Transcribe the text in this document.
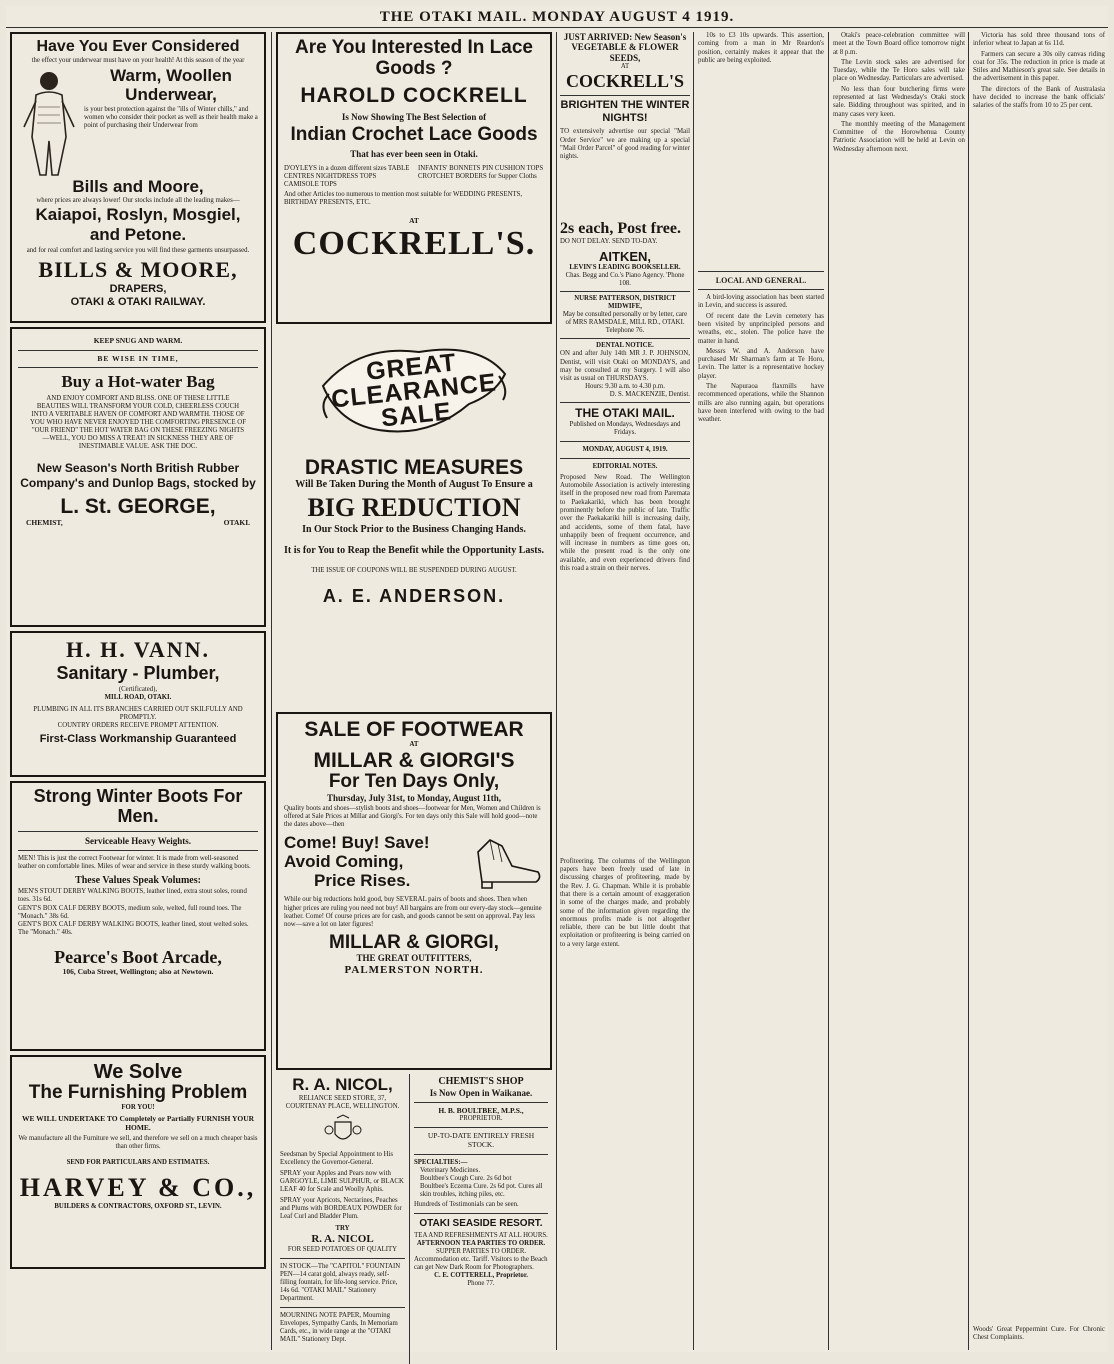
THE OTAKI MAIL. MONDAY AUGUST 4 1919.
Have You Ever Considered
the effect your underwear must have on your health! At this season of the year
Warm, Woollen Underwear,
is your best protection against the "ills of Winter chills," and women who consider their pocket as well as their health make a point of purchasing their Underwear from
Bills and Moore,
where prices are always lower! Our stocks include all the leading makes—
Kaiapoi, Roslyn, Mosgiel,
and Petone.
and for real comfort and lasting service you will find these garments unsurpassed.
BILLS & MOORE,
DRAPERS,
OTAKI & OTAKI RAILWAY.
KEEP SNUG AND WARM.
BE WISE IN TIME,
Buy a Hot-water Bag
AND ENJOY COMFORT AND BLISS. ONE OF THESE LITTLE BEAUTIES WILL TRANSFORM YOUR COLD, CHEERLESS COUCH INTO A VERITABLE HAVEN OF COMFORT AND WARMTH. THOSE OF YOU WHO HAVE NEVER ENJOYED THE COMFORTING PRESENCE OF "OUR FRIEND" THE HOT WATER BAG ON THESE FREEZING NIGHTS—WELL, YOU DO MISS A TREAT! IN SICKNESS THEY ARE OF INESTIMABLE VALUE. ASK THE DOC.
New Season's North British Rubber Company's and Dunlop Bags, stocked by
L. St. GEORGE,
CHEMIST,	OTAKI.
H. H. VANN.
Sanitary - Plumber,
(Certificated),
MILL ROAD, OTAKI.
PLUMBING IN ALL ITS BRANCHES CARRIED OUT SKILFULLY AND PROMPTLY.
COUNTRY ORDERS RECEIVE PROMPT ATTENTION.
First-Class Workmanship Guaranteed
Strong Winter Boots For Men.
Serviceable Heavy Weights.
MEN! This is just the correct Footwear for winter. It is made from well-seasoned leather on comfortable lines. Miles of wear and service in these sturdy walking boots.
These Values Speak Volumes:
MEN'S STOUT DERBY WALKING BOOTS, leather lined, extra stout soles, round toes. 31s 6d.
GENT'S BOX CALF DERBY BOOTS, medium sole, welted, full round toes. The "Monach." 38s 6d.
GENT'S BOX CALF DERBY WALKING BOOTS, leather lined, stout welted soles. The "Monach." 40s.
Pearce's Boot Arcade,
106, Cuba Street, Wellington; also at Newtown.
We Solve
The Furnishing Problem
FOR YOU!
WE WILL UNDERTAKE TO Completely or Partially FURNISH YOUR HOME.
We manufacture all the Furniture we sell, and therefore we sell on a much cheaper basis than other firms.
SEND FOR PARTICULARS AND ESTIMATES.
HARVEY & CO.,
BUILDERS & CONTRACTORS, OXFORD ST., LEVIN.
Are You Interested In Lace Goods ?
HAROLD COCKRELL
Is Now Showing The Best Selection of
Indian Crochet Lace Goods
That has ever been seen in Otaki.
D'OYLEYS in a dozen different sizes TABLE CENTRES NIGHTDRESS TOPS CAMISOLE TOPS
INFANTS' BONNETS PIN CUSHION TOPS CROTCHET BORDERS for Supper Cloths
And other Articles too numerous to mention most suitable for WEDDING PRESENTS, BIRTHDAY PRESENTS, ETC.
AT
COCKRELL'S.
GREAT CLEARANCE SALE
DRASTIC MEASURES
Will Be Taken During the Month of August To Ensure a
BIG REDUCTION
In Our Stock Prior to the Business Changing Hands.
It is for You to Reap the Benefit while the Opportunity Lasts.
THE ISSUE OF COUPONS WILL BE SUSPENDED DURING AUGUST.
A. E. ANDERSON.
SALE OF FOOTWEAR
AT
MILLAR & GIORGI'S
For Ten Days Only,
Thursday, July 31st, to Monday, August 11th,
Quality boots and shoes—stylish boots and shoes—footwear for Men, Women and Children is offered at Sale Prices at Millar and Giorgi's. For ten days only this Sale will hold good—note the dates above—then
Come! Buy! Save!
Avoid Coming,
Price Rises.
While our big reductions hold good, buy SEVERAL pairs of boots and shoes. Then when higher prices are ruling you need not buy! All bargains are from our every-day stock—genuine leather. Come! Of course prices are for cash, and goods cannot be sent on approval. Pay less now—save a lot on later figures!
MILLAR & GIORGI,
THE GREAT OUTFITTERS,
PALMERSTON NORTH.
R. A. NICOL,
RELIANCE SEED STORE, 37, COURTENAY PLACE, WELLINGTON.
Seedsman by Special Appointment to His Excellency the Governor-General.
SPRAY your Apples and Pears now with GARGOYLE, LIME SULPHUR, or BLACK LEAF 40 for Scale and Woolly Aphis.
SPRAY your Apricots, Nectarines, Peaches and Plums with BORDEAUX POWDER for Leaf Curl and Bladder Plum.
TRY
R. A. NICOL
FOR SEED POTATOES OF QUALITY
IN STOCK—The "CAPITOL" FOUNTAIN PEN—14 carat gold, always ready, self-filling fountain, for life-long service. Price, 14s 6d. "OTAKI MAIL" Stationery Department.
MOURNING NOTE PAPER, Mourning Envelopes, Sympathy Cards, In Memoriam Cards, etc., in wide range at the "OTAKI MAIL" Stationery Dept.
CHEMIST'S SHOP
Is Now Open in Waikanae.
H. B. BOULTBEE, M.P.S.,
PROPRIETOR.
UP-TO-DATE ENTIRELY FRESH STOCK.
SPECIALTIES:—
Veterinary Medicines.
Boultbee's Cough Cure. 2s 6d bot
Boultbee's Eczema Cure. 2s 6d pot. Cures all skin troubles, itching piles, etc.
Hundreds of Testimonials can be seen.
OTAKI SEASIDE RESORT.
TEA AND REFRESHMENTS AT ALL HOURS.
AFTERNOON TEA PARTIES TO ORDER.
SUPPER PARTIES TO ORDER.
Accommodation etc. Tariff. Visitors to the Beach can get New Dark Room for Photographers.
C. E. COTTERELL, Proprietor.
Phone 77.
JUST ARRIVED: New Season's VEGETABLE & FLOWER SEEDS,
AT
COCKRELL'S
BRIGHTEN THE WINTER NIGHTS!
TO extensively advertise our special "Mail Order Service" we are making up a special "Mail Order Parcel" of good reading for winter nights.

2s each, Post free.
DO NOT DELAY. SEND TO-DAY.
AITKEN,
LEVIN'S LEADING BOOKSELLER.
Chas. Begg and Co.'s Piano Agency. 'Phone 108.
NURSE PATTERSON, DISTRICT MIDWIFE,
May be consulted personally or by letter, care of MRS RAMSDALE, MILL RD., OTAKI. Telephone 76.
DENTAL NOTICE.
ON and after July 14th MR J. P. JOHNSON, Dentist, will visit Otaki on MONDAYS, and may be consulted at my Surgery. I will also visit as usual on THURSDAYS.
Hours: 9.30 a.m. to 4.30 p.m.
D. S. MACKENZIE, Dentist.
THE OTAKI MAIL.
Published on Mondays, Wednesdays and Fridays.
MONDAY, AUGUST 4, 1919.
EDITORIAL NOTES.
Proposed New Road. The Wellington Automobile Association is actively interesting itself in the proposed new road from Paremata to Paekakariki, which has been brought prominently before the public of late. Traffic over the Paekakariki hill is increasing daily, and accidents, some of them fatal, have unhappily been of frequent occurrence, and will increase in numbers as time goes on, while the present road is the only one available, and even experienced drivers find this road a strain on their nerves.
Profiteering. The columns of the Wellington papers have been freely used of late in discussing charges of profiteering, made by the Rev. J. G. Chapman. While it is probable that there is a certain amount of exaggeration in some of the charges made, and probably some of the information given regarding the enormous profits made is not altogether reliable, there can be but little doubt that exploitation or profiteering is being carried on to a very large extent.

10s to £3 10s upwards. This assertion, coming from a man in Mr Reardon's position, certainly makes it appear that the public are being exploited.

LOCAL AND GENERAL.

A bird-loving association has been started in Levin, and success is assured.

Of recent date the Levin cemetery has been visited by unprincipled persons and wreaths, etc., stolen. The police have the matter in hand.

Messrs W. and A. Anderson have purchased Mr Sharman's farm at Te Horo, Levin. The latter is a representative hockey player.

The Napuraoa flaxmills have recommenced operations, while the Shannon mills are also running again, but operations have been interfered with owing to the bad weather.

Otaki's peace-celebration committee will meet at the Town Board office tomorrow night at 8 p.m.

The Levin stock sales are advertised for Tuesday, while the Te Horo sales will take place on Wednesday. Particulars are advertised.

No less than four butchering firms were represented at last Wednesday's Otaki stock sale. Bidding throughout was spirited, and in many cases very keen.

The monthly meeting of the Management Committee of the Horowhenua County Patriotic Association will be held at Levin on Wednesday afternoon next.

Victoria has sold three thousand tons of inferior wheat to Japan at 6s 11d.

Farmers can secure a 30s oily canvas riding coat for 35s. The reduction in price is made at Stiles and Mathieson's great sale. See details in the advertisement in this paper.

The directors of the Bank of Australasia have decided to increase the bank officials' salaries of the staffs from 10 to 25 per cent.

Woods' Great Peppermint Cure. For Chronic Chest Complaints.
